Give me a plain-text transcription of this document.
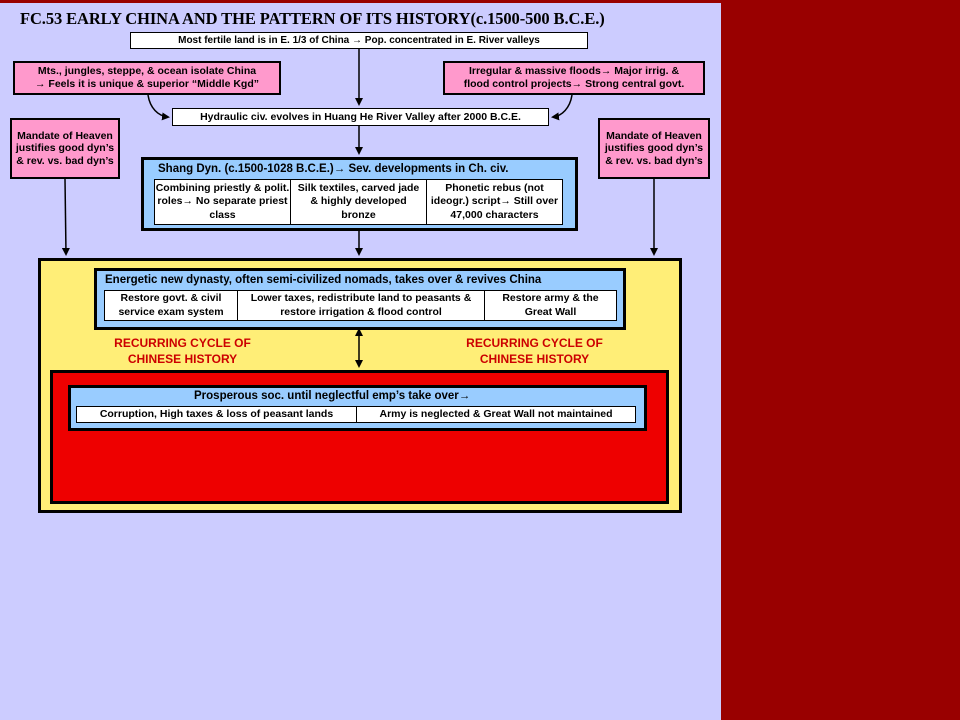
FC.53 EARLY CHINA AND THE PATTERN OF ITS HISTORY(c.1500-500 B.C.E.)
Most fertile land is in E. 1/3 of China → Pop. concentrated in E. River valleys
Mts., jungles, steppe, & ocean isolate China
→ Feels it is unique & superior “Middle Kgd”
Irregular & massive floods→ Major irrig. &
flood control projects→ Strong central govt.
Hydraulic civ. evolves in Huang He River Valley after 2000 B.C.E.
Mandate of Heaven justifies good dyn’s & rev. vs. bad dyn’s
Mandate of Heaven justifies good dyn’s & rev. vs. bad dyn’s
Shang Dyn. (c.1500-1028 B.C.E.)→ Sev. developments in Ch. civ.
Combining priestly & polit. roles→ No separate priest class
Silk textiles, carved jade & highly developed bronze
Phonetic rebus (not ideogr.) script→ Still over 47,000 characters
Energetic new dynasty, often semi-civilized nomads, takes over & revives China
Restore govt. & civil service exam system
Lower taxes, redistribute land to peasants & restore irrigation & flood control
Restore army & the Great Wall
RECURRING CYCLE OF CHINESE HISTORY
RECURRING CYCLE OF CHINESE HISTORY
Prosperous soc. until neglectful emp’s take over→
Corruption, High taxes & loss of peasant lands	Army is neglected & Great Wall not maintained
